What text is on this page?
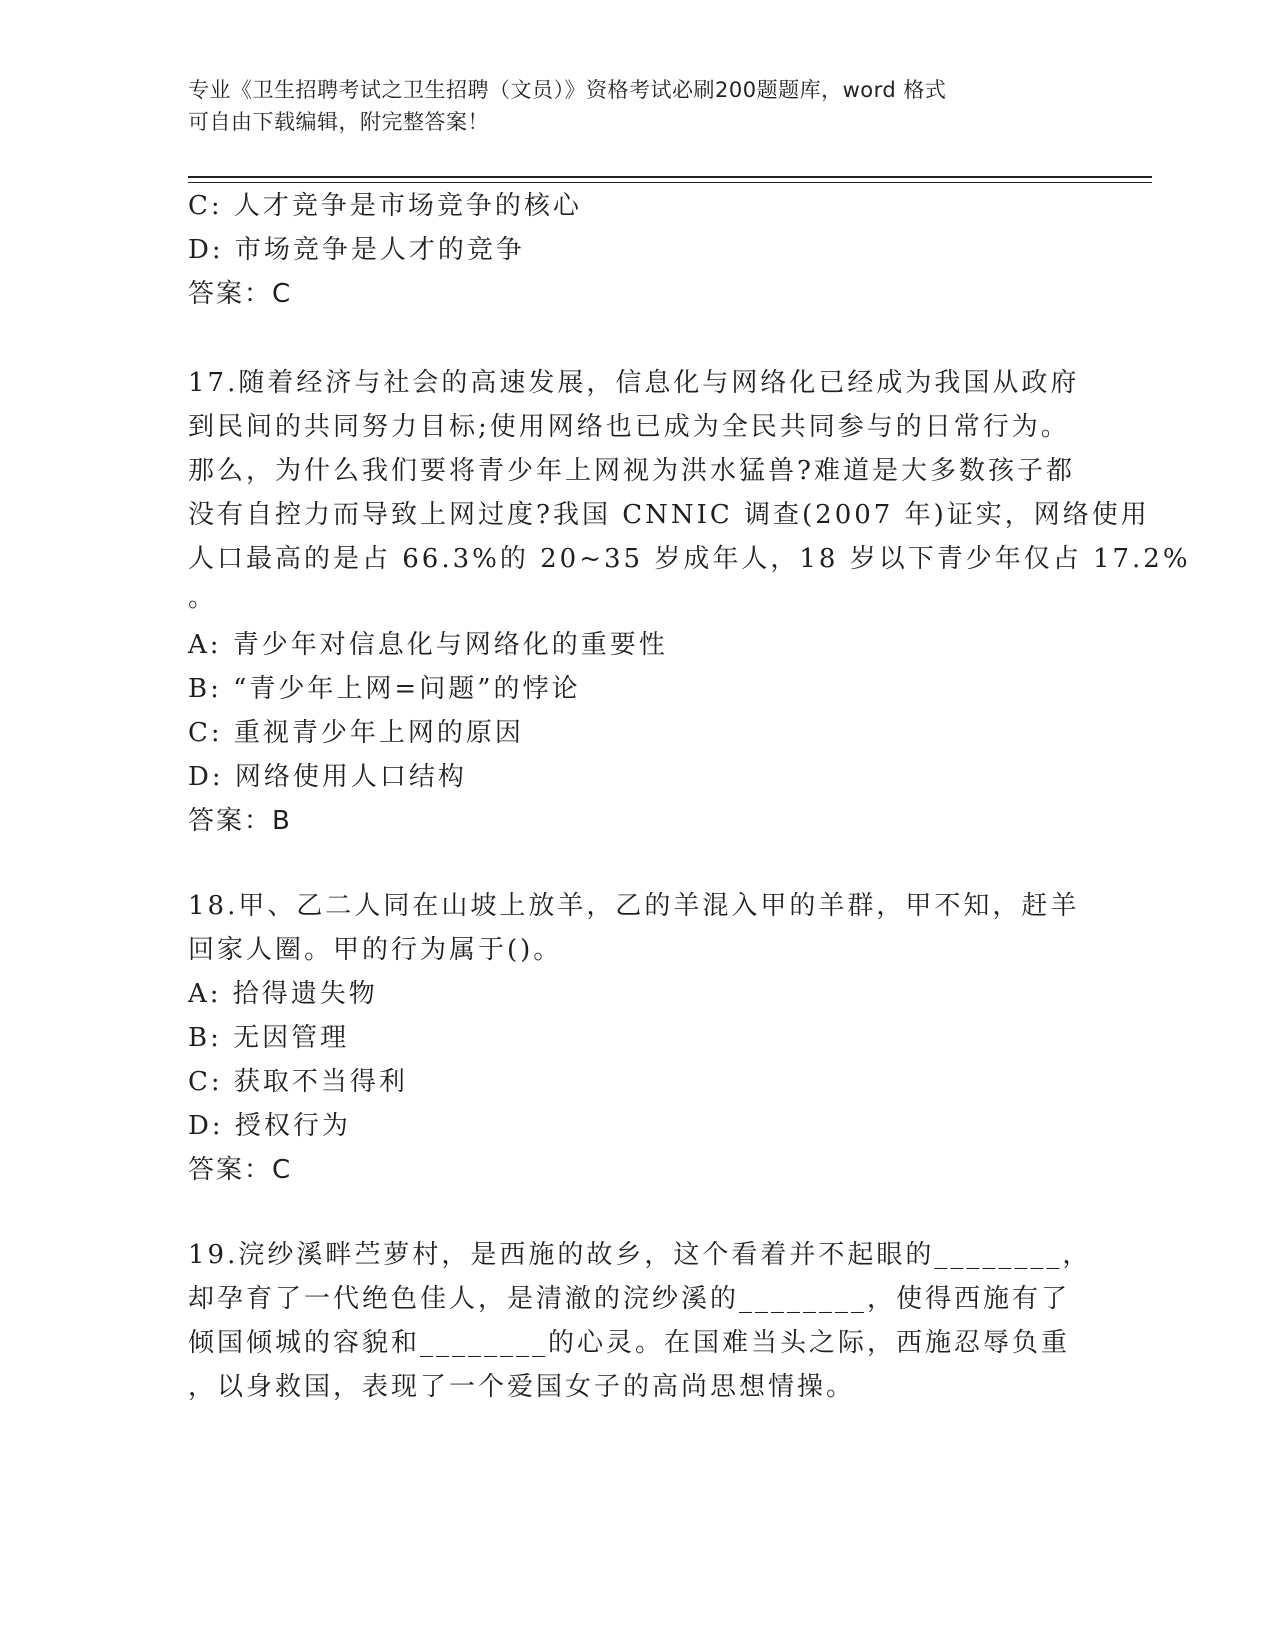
专业《卫生招聘考试之卫生招聘（文员）》资格考试必刷200题题库，word 格式
可自由下载编辑，附完整答案！
C: 人才竞争是市场竞争的核心
D: 市场竞争是人才的竞争
答案：C
17.随着经济与社会的高速发展，信息化与网络化已经成为我国从政府
到民间的共同努力目标;使用网络也已成为全民共同参与的日常行为。
那么，为什么我们要将青少年上网视为洪水猛兽?难道是大多数孩子都
没有自控力而导致上网过度?我国 CNNIC 调查(2007 年)证实，网络使用
人口最高的是占 66.3%的 20~35 岁成年人，18 岁以下青少年仅占 17.2%
。
A: 青少年对信息化与网络化的重要性
B: “青少年上网=问题”的悖论
C: 重视青少年上网的原因
D: 网络使用人口结构
答案：B
18.甲、乙二人同在山坡上放羊，乙的羊混入甲的羊群，甲不知，赶羊
回家人圈。甲的行为属于()。
A: 拾得遗失物
B: 无因管理
C: 获取不当得利
D: 授权行为
答案：C
19.浣纱溪畔苎萝村，是西施的故乡，这个看着并不起眼的________，
却孕育了一代绝色佳人，是清澈的浣纱溪的________，使得西施有了
倾国倾城的容貌和________的心灵。在国难当头之际，西施忍辱负重
，以身救国，表现了一个爱国女子的高尚思想情操。
